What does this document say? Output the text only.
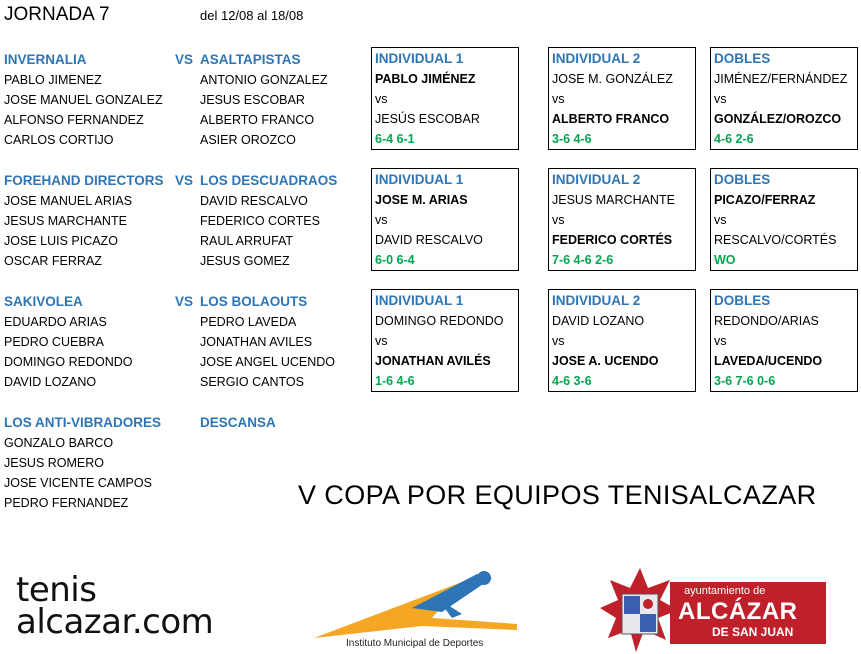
JORNADA 7	del 12/08 al 18/08
INVERNALIA	VS ASALTAPISTAS
PABLO JIMENEZ	ANTONIO GONZALEZ
JOSE MANUEL GONZALEZ	JESUS ESCOBAR
ALFONSO FERNANDEZ	ALBERTO FRANCO
CARLOS CORTIJO	ASIER OROZCO
INDIVIDUAL 1
PABLO JIMÉNEZ
vs
JESÚS ESCOBAR
6-4 6-1
INDIVIDUAL 2
JOSE M. GONZÁLEZ
vs
ALBERTO FRANCO
3-6 4-6
DOBLES
JIMÉNEZ/FERNÁNDEZ
vs
GONZÁLEZ/OROZCO
4-6 2-6
FOREHAND DIRECTORS VS LOS DESCUADRAOS
JOSE MANUEL ARIAS	DAVID RESCALVO
JESUS MARCHANTE	FEDERICO CORTES
JOSE LUIS PICAZO	RAUL ARRUFAT
OSCAR FERRAZ	JESUS GOMEZ
INDIVIDUAL 1
JOSE M. ARIAS
vs
DAVID RESCALVO
6-0 6-4
INDIVIDUAL 2
JESUS MARCHANTE
vs
FEDERICO CORTÉS
7-6 4-6 2-6
DOBLES
PICAZO/FERRAZ
vs
RESCALVO/CORTÉS
WO
SAKIVOLEA	VS LOS BOLAOUTS
EDUARDO ARIAS	PEDRO LAVEDA
PEDRO CUEBRA	JONATHAN AVILES
DOMINGO REDONDO	JOSE ANGEL UCENDO
DAVID LOZANO	SERGIO CANTOS
INDIVIDUAL 1
DOMINGO REDONDO
vs
JONATHAN AVILÉS
1-6 4-6
INDIVIDUAL 2
DAVID LOZANO
vs
JOSE A. UCENDO
4-6 3-6
DOBLES
REDONDO/ARIAS
vs
LAVEDA/UCENDO
3-6 7-6 0-6
LOS ANTI-VIBRADORES	DESCANSA
GONZALO BARCO
JESUS ROMERO
JOSE VICENTE CAMPOS
PEDRO FERNANDEZ	V COPA POR EQUIPOS TENISALCAZAR
tenis
alcazar.com
Instituto Municipal de Deportes
ayuntamiento de
ALCÁZAR
DE SAN JUAN
